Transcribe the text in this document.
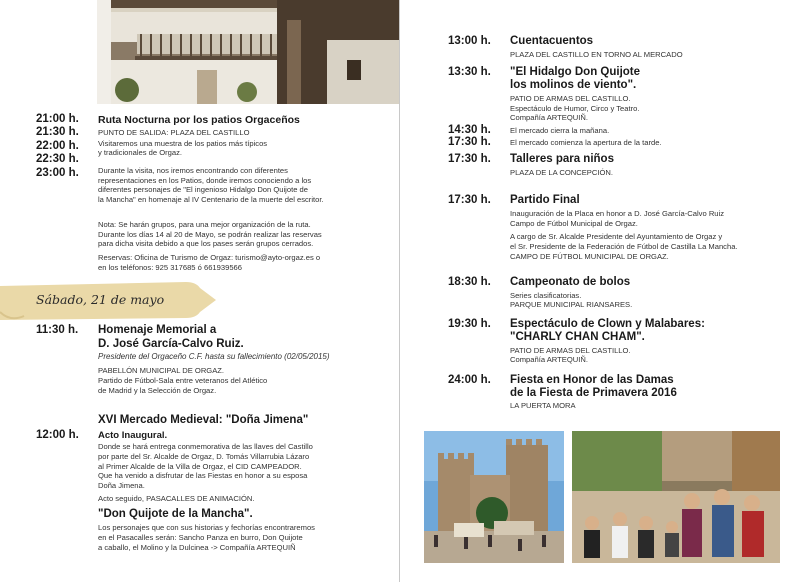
21:00 h.
21:30 h.
22:00 h.
22:30 h.
23:00 h.
Ruta Nocturna por los patios Orgaceños
PUNTO DE SALIDA: PLAZA DEL CASTILLO
Visitaremos una muestra de los patios más típicos
y tradicionales de Orgaz.
Durante la visita, nos iremos encontrando con diferentes
representaciones en los Patios, donde iremos conociendo a los
diferentes personajes de "El ingenioso Hidalgo Don Quijote de
la Mancha" en homenaje al IV Centenario de la muerte del escritor.
Nota: Se harán grupos, para una mejor organización de la ruta.
Durante los días 14 al 20 de Mayo, se podrán realizar las reservas
para dicha visita debido a que los pases serán grupos cerrados.
Reservas: Oficina de Turismo de Orgaz: turismo@ayto-orgaz.es o
en los teléfonos: 925 317685 ó 661939566
Sábado, 21 de mayo
11:30 h. Homenaje Memorial a
D. José García-Calvo Ruiz.
Presidente del Orgaceño C.F. hasta su fallecimiento (02/05/2015)
PABELLÓN MUNICIPAL DE ORGAZ.
Partido de Fútbol-Sala entre veteranos del Atlético
de Madrid y la Selección de Orgaz.
XVI Mercado Medieval: "Doña Jimena"
12:00 h. Acto Inaugural.
Donde se hará entrega conmemorativa de las llaves del Castillo
por parte del Sr. Alcalde de Orgaz, D. Tomás Villarrubia Lázaro
al Primer Alcalde de la Villa de Orgaz, el CID CAMPEADOR.
Que ha venido a disfrutar de las Fiestas en honor a su esposa
Doña Jimena.
Acto seguido, PASACALLES DE ANIMACIÓN.
"Don Quijote de la Mancha".
Los personajes que con sus historias y fechorías encontraremos
en el Pasacalles serán: Sancho Panza en burro, Don Quijote
a caballo, el Molino y la Dulcinea -> Compañía ARTEQUIÑ
13:00 h. Cuentacuentos
PLAZA DEL CASTILLO EN TORNO AL MERCADO
13:30 h. "El Hidalgo Don Quijote
los molinos de viento".
PATIO DE ARMAS DEL CASTILLO.
Espectáculo de Humor, Circo y Teatro.
Compañía ARTEQUIÑ.
14:30 h.	El mercado cierra la mañana.
17:30 h.	El mercado comienza la apertura de la tarde.
17:30 h. Talleres para niños
PLAZA DE LA CONCEPCIÓN.
17:30 h. Partido Final
Inauguración de la Placa en honor a D. José García-Calvo Ruiz
Campo de Fútbol Municipal de Orgaz.
A cargo de Sr. Alcalde Presidente del Ayuntamiento de Orgaz y
el Sr. Presidente de la Federación de Fútbol de Castilla La Mancha.
CAMPO DE FÚTBOL MUNICIPAL DE ORGAZ.
18:30 h. Campeonato de bolos
Series clasificatorias.
PARQUE MUNICIPAL RIANSARES.
19:30 h. Espectáculo de Clown y Malabares:
"CHARLY CHAN CHAM".
PATIO DE ARMAS DEL CASTILLO.
Compañía ARTEQUIÑ.
24:00 h. Fiesta en Honor de las Damas
de la Fiesta de Primavera 2016
LA PUERTA MORA
